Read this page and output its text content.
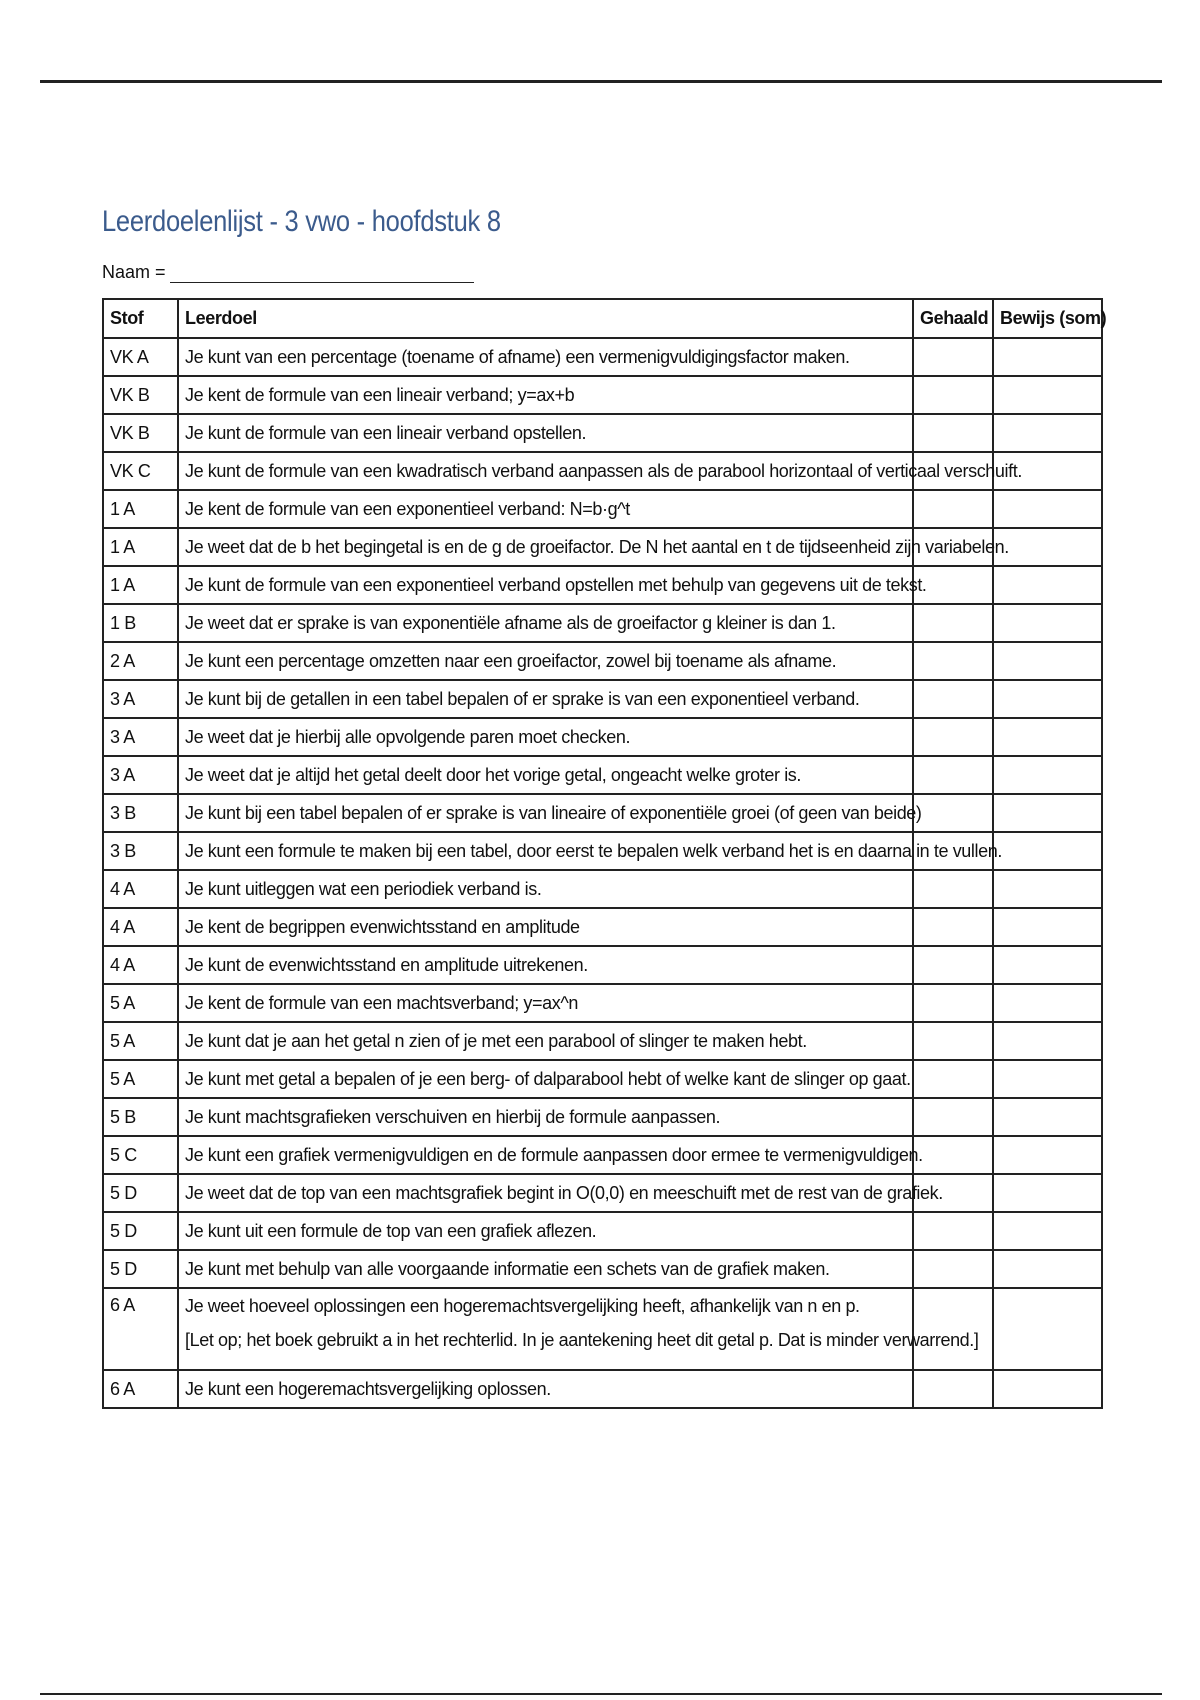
Leerdoelenlijst - 3 vwo - hoofdstuk 8
Naam =
Stof	Leerdoel	Gehaald	Bewijs (som)
VK A	Je kunt van een percentage (toename of afname) een vermenigvuldigingsfactor maken.		
VK B	Je kent de formule van een lineair verband; y=ax+b		
VK B	Je kunt de formule van een lineair verband opstellen.		
VK C	Je kunt de formule van een kwadratisch verband aanpassen als de parabool horizontaal of verticaal verschuift.		
1 A	Je kent de formule van een exponentieel verband: N=b·g^t		
1 A	Je weet dat de b het begingetal is en de g de groeifactor. De N het aantal en t de tijdseenheid zijn variabelen.		
1 A	Je kunt de formule van een exponentieel verband opstellen met behulp van gegevens uit de tekst.		
1 B	Je weet dat er sprake is van exponentiële afname als de groeifactor g kleiner is dan 1.		
2 A	Je kunt een percentage omzetten naar een groeifactor, zowel bij toename als afname.		
3 A	Je kunt bij de getallen in een tabel bepalen of er sprake is van een exponentieel verband.		
3 A	Je weet dat je hierbij alle opvolgende paren moet checken.		
3 A	Je weet dat je altijd het getal deelt door het vorige getal, ongeacht welke groter is.		
3 B	Je kunt bij een tabel bepalen of er sprake is van lineaire of exponentiële groei (of geen van beide)		
3 B	Je kunt een formule te maken bij een tabel, door eerst te bepalen welk verband het is en daarna in te vullen.		
4 A	Je kunt uitleggen wat een periodiek verband is.		
4 A	Je kent de begrippen evenwichtsstand en amplitude		
4 A	Je kunt de evenwichtsstand en amplitude uitrekenen.		
5 A	Je kent de formule van een machtsverband; y=ax^n		
5 A	Je kunt dat je aan het getal n zien of je met een parabool of slinger te maken hebt.		
5 A	Je kunt met getal a bepalen of je een berg- of dalparabool hebt of welke kant de slinger op gaat.		
5 B	Je kunt machtsgrafieken verschuiven en hierbij de formule aanpassen.		
5 C	Je kunt een grafiek vermenigvuldigen en de formule aanpassen door ermee te vermenigvuldigen.		
5 D	Je weet dat de top van een machtsgrafiek begint in O(0,0) en meeschuift met de rest van de grafiek.		
5 D	Je kunt uit een formule de top van een grafiek aflezen.		
5 D	Je kunt met behulp van alle voorgaande informatie een schets van de grafiek maken.		
6 A	Je weet hoeveel oplossingen een hogeremachtsvergelijking heeft, afhankelijk van n en p.
[Let op; het boek gebruikt a in het rechterlid. In je aantekening heet dit getal p. Dat is minder verwarrend.]		

6 A	Je kunt een hogeremachtsvergelijking oplossen.		
